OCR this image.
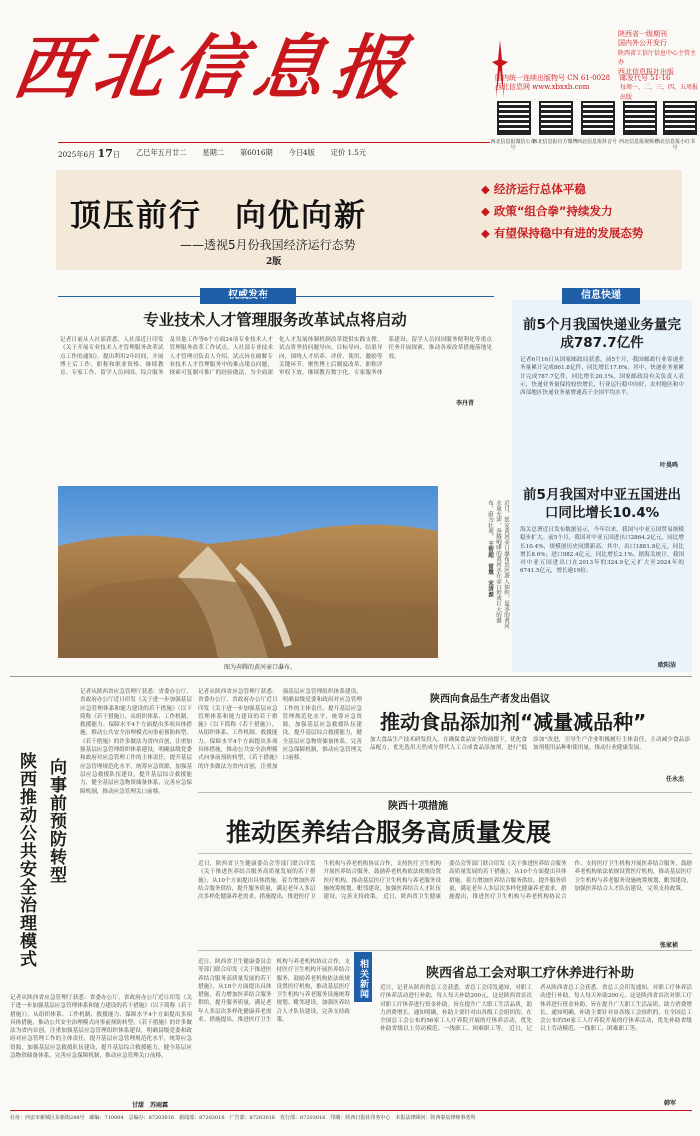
西北信息报	陕西省一级期刊
国内外公开发行
陕西省工信厅信息中心主管主办
西北信息报社出版
国内统一连续出版物号 CN 61-0028
西北信息网 www.xbxxb.com
邮发代号 51-16
每周一、二、三、四、五周报出版
西北信息报微信公众号
西北信息报官方微博 西北信息报抖音号 西北信息报视频号
西北信息报小红书号
2025年6月 17日 乙巳年五月廿二 星期二 第6016期 今日4版 定价 1.5元
顶压前行　向优向新
——透视5月份我国经济运行态势
2版
◆ 经济运行总体平稳
◆ 政策“组合拳”持续发力
◆ 有望保持稳中有进的发展态势
专业技术人才管理服务改革试点将启动
记者日前从人社部获悉，人社部近日印发《关于开展专业技术人才管理服务改革试点工作的通知》，提出利用2年时间，开展博士后工作、职称和职业资格、继续教育、专家工作、留学人员回国、综合服务及其他工作等6个方面24项专业技术人才管理服务改革工作试点。人社部专业技术人才管理司负责人介绍，试点旨在破解专业技术人才管理服务中的难点堵点问题，探索可复制可推广的经验做法，为全面深化人才发展体制机制改革提供实践支撑。试点将坚持问题导向、目标导向、结果导向，围绕人才培养、评价、使用、激励等关键环节，聚焦博士后制度改革、职称评审权下放、继续教育数字化、专家服务体系建设、留学人员回国服务便利化等重点任务开展探索，推动各项改革措施落地见效。
李丹青
近日，延安黄河壶口瀑布景区游人如织。夏季的黄河水量充沛，奔腾咆哮的黄河水在壶口形成巨大的瀑布，蔚为壮观。 王智超　雷震　宋清源
图为奔腾的黄河壶口瀑布。
信息快递
前5个月我国快递业务量完成787.7亿件
记者6月16日从国家邮政局获悉，前5个月，我国邮政行业寄递业务量累计完成861.8亿件，同比增长17.6%。其中，快递业务量累计完成787.7亿件，同比增长20.1%。国家邮政局有关负责人表示，快递业务量保持较快增长，行业运行稳中向好，农村地区和中西部地区快递业务量增速高于全国平均水平。
叶昊鸣
前5月我国对中亚五国进出口同比增长10.4%
海关总署近日发布数据显示，今年以来，我国与中亚五国贸易规模稳步扩大。前5个月，我国对中亚五国进出口2864.2亿元，同比增长10.4%，规模创历史同期新高。其中，出口1881.8亿元，同比增长8.6%；进口982.4亿元，同比增长2.1%。据海关统计，我国对中亚五国进出口在2013年的324.9亿元扩大至2024年的6741.5亿元，增长逾19倍。
欧阳洁
陕西推动公共安全治理模式 向事前预防转型
记者从陕西省应急管理厅获悉：省委办公厅、省政府办公厅近日印发《关于进一步加强基层应急管理体系和能力建设的若干措施》（以下简称《若干措施》），从组织体系、工作机制、救援能力、保障水平4个方面提出多项具体措施，推动公共安全治理模式向事前预防转型。《若干措施》的许多做法为省内首创，注重加强基层应急管理组织体系建设，明确县级党委和政府对应急管理工作的主体责任，提升基层应急管理规范化水平，统筹应急资源，加强基层应急救援队伍建设，提升基层综合救援能力，健全基层应急物资储备体系，完善应急保障机制，推动应急管理关口前移。
记者从陕西省应急管理厅获悉：省委办公厅、省政府办公厅近日印发《关于进一步加强基层应急管理体系和能力建设的若干措施》（以下简称《若干措施》），从组织体系、工作机制、救援能力、保障水平4个方面提出多项具体措施，推动公共安全治理模式向事前预防转型。《若干措施》的许多做法为省内首创，注重加强基层应急管理组织体系建设，明确县级党委和政府对应急管理工作的主体责任，提升基层应急管理规范化水平，统筹应急资源，加强基层应急救援队伍建设，提升基层综合救援能力，健全基层应急物资储备体系，完善应急保障机制，推动应急管理关口前移。
甘甜　苏雨霖
记者从陕西省应急管理厅获悉：省委办公厅、省政府办公厅近日印发《关于进一步加强基层应急管理体系和能力建设的若干措施》（以下简称《若干措施》），从组织体系、工作机制、救援能力、保障水平4个方面提出多项具体措施，推动公共安全治理模式向事前预防转型。《若干措施》的许多做法为省内首创，注重加强基层应急管理组织体系建设，明确县级党委和政府对应急管理工作的主体责任，提升基层应急管理规范化水平，统筹应急资源，加强基层应急救援队伍建设，提升基层综合救援能力，健全基层应急物资储备体系，完善应急保障机制，推动应急管理关口前移。
陕西向食品生产者发出倡议
推动食品添加剂“减量减品种”
加大食品生产技术研发投入，在确保食品安全的前提下，优化食品配方，优先选用天然成分替代人工合成食品添加剂，进行“低添加”改进，引导生产企业积极履行主体责任，主动减少食品添加剂使用品种和使用量，推动行业健康发展。
任永杰
陕西十项措施
推动医养结合服务高质量发展
近日，陕西省卫生健康委员会等部门联合印发《关于推进医养结合服务高质量发展的若干措施》，从10个方面提出具体措施，着力增加医养结合服务供给，提升服务质量，满足老年人多层次多样化健康养老需求。措施提出，推进医疗卫生机构与养老机构协议合作，支持医疗卫生机构开展医养结合服务，鼓励养老机构依法依规设置医疗机构，推动基层医疗卫生机构与养老服务设施统筹规划、毗邻建设，加强医养结合人才队伍建设，完善支持政策。 近日，陕西省卫生健康委员会等部门联合印发《关于推进医养结合服务高质量发展的若干措施》，从10个方面提出具体措施，着力增加医养结合服务供给，提升服务质量，满足老年人多层次多样化健康养老需求。措施提出，推进医疗卫生机构与养老机构协议合作，支持医疗卫生机构开展医养结合服务，鼓励养老机构依法依规设置医疗机构，推动基层医疗卫生机构与养老服务设施统筹规划、毗邻建设，加强医养结合人才队伍建设，完善支持政策。
张家祯
相关新闻
近日，陕西省卫生健康委员会等部门联合印发《关于推进医养结合服务高质量发展的若干措施》，从10个方面提出具体措施，着力增加医养结合服务供给，提升服务质量，满足老年人多层次多样化健康养老需求。措施提出，推进医疗卫生机构与养老机构协议合作，支持医疗卫生机构开展医养结合服务，鼓励养老机构依法依规设置医疗机构，推动基层医疗卫生机构与养老服务设施统筹规划、毗邻建设，加强医养结合人才队伍建设，完善支持政策。
陕西省总工会对职工疗休养进行补助
近日，记者从陕西省总工会获悉，省总工会印发通知，对职工疗休养活动进行补助，每人每天补助200元，这是陕西省首次对职工疗休养进行资金补助。旨在提升广大职工生活品质，助力消费增长。通知明确，补助主要针对由各级工会组织的、在全国总工会公布的56家工人疗养院开展的疗休养活动，优先补助省级以上劳动模范、一线职工、困难职工等。 近日，记者从陕西省总工会获悉，省总工会印发通知，对职工疗休养活动进行补助，每人每天补助200元，这是陕西省首次对职工疗休养进行资金补助。旨在提升广大职工生活品质，助力消费增长。通知明确，补助主要针对由各级工会组织的、在全国总工会公布的56家工人疗养院开展的疗休养活动，优先补助省级以上劳动模范、一线职工、困难职工等。
韩军
社址：西安市新城区东新街248号　邮编：710004　总编办：87203016　新闻部：87203016　广告部：87203016　发行部：87203016　印刷：陕西日报社印务中心　本报法律顾问：陕西秦辰律师事务所
